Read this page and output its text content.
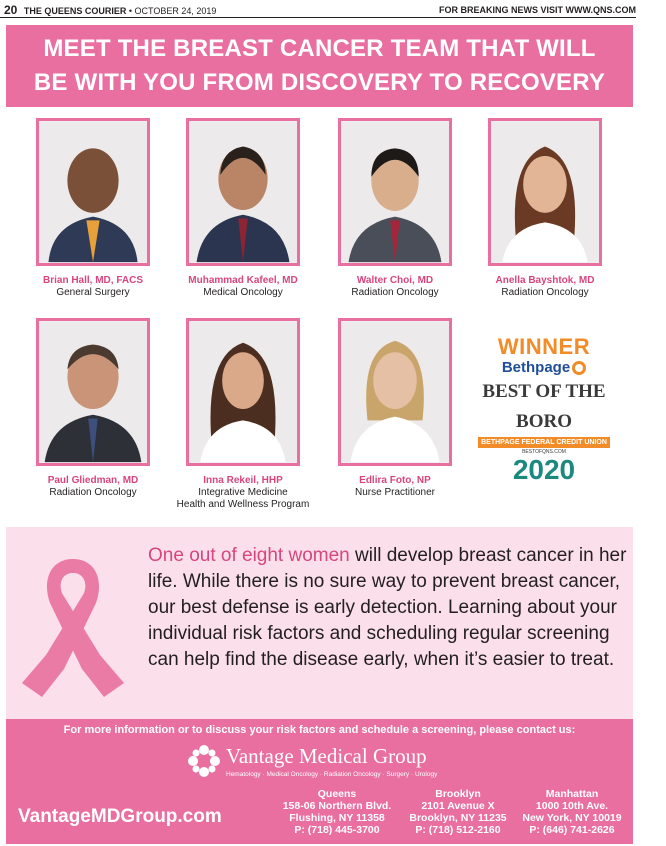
20 THE QUEENS COURIER • OCTOBER 24, 2019	FOR BREAKING NEWS VISIT WWW.QNS.COM
MEET THE BREAST CANCER TEAM THAT WILL
BE WITH YOU FROM DISCOVERY TO RECOVERY
Brian Hall, MD, FACS
General Surgery
Muhammad Kafeel, MD
Medical Oncology
Walter Choi, MD
Radiation Oncology
Anella Bayshtok, MD
Radiation Oncology
Paul Gliedman, MD
Radiation Oncology
Inna Rekeil, HHP
Integrative Medicine
Health and Wellness Program
Edlira Foto, NP
Nurse Practitioner
WINNER
Bethpage
BEST OF THE BORO
BETHPAGE FEDERAL CREDIT UNION
BESTOFQNS.COM
2020
One out of eight women will develop breast cancer in her life. While there is no sure way to prevent breast cancer, our best defense is early detection. Learning about your individual risk factors and scheduling regular screening can help find the disease early, when it’s easier to treat.
For more information or to discuss your risk factors and schedule a screening, please contact us:
Vantage Medical Group
Hematology · Medical Oncology · Radiation Oncology · Surgery · Urology
VantageMDGroup.com
Queens
158-06 Northern Blvd.
Flushing, NY 11358
P: (718) 445-3700
Brooklyn
2101 Avenue X
Brooklyn, NY 11235
P: (718) 512-2160
Manhattan
1000 10th Ave.
New York, NY 10019
P: (646) 741-2626
